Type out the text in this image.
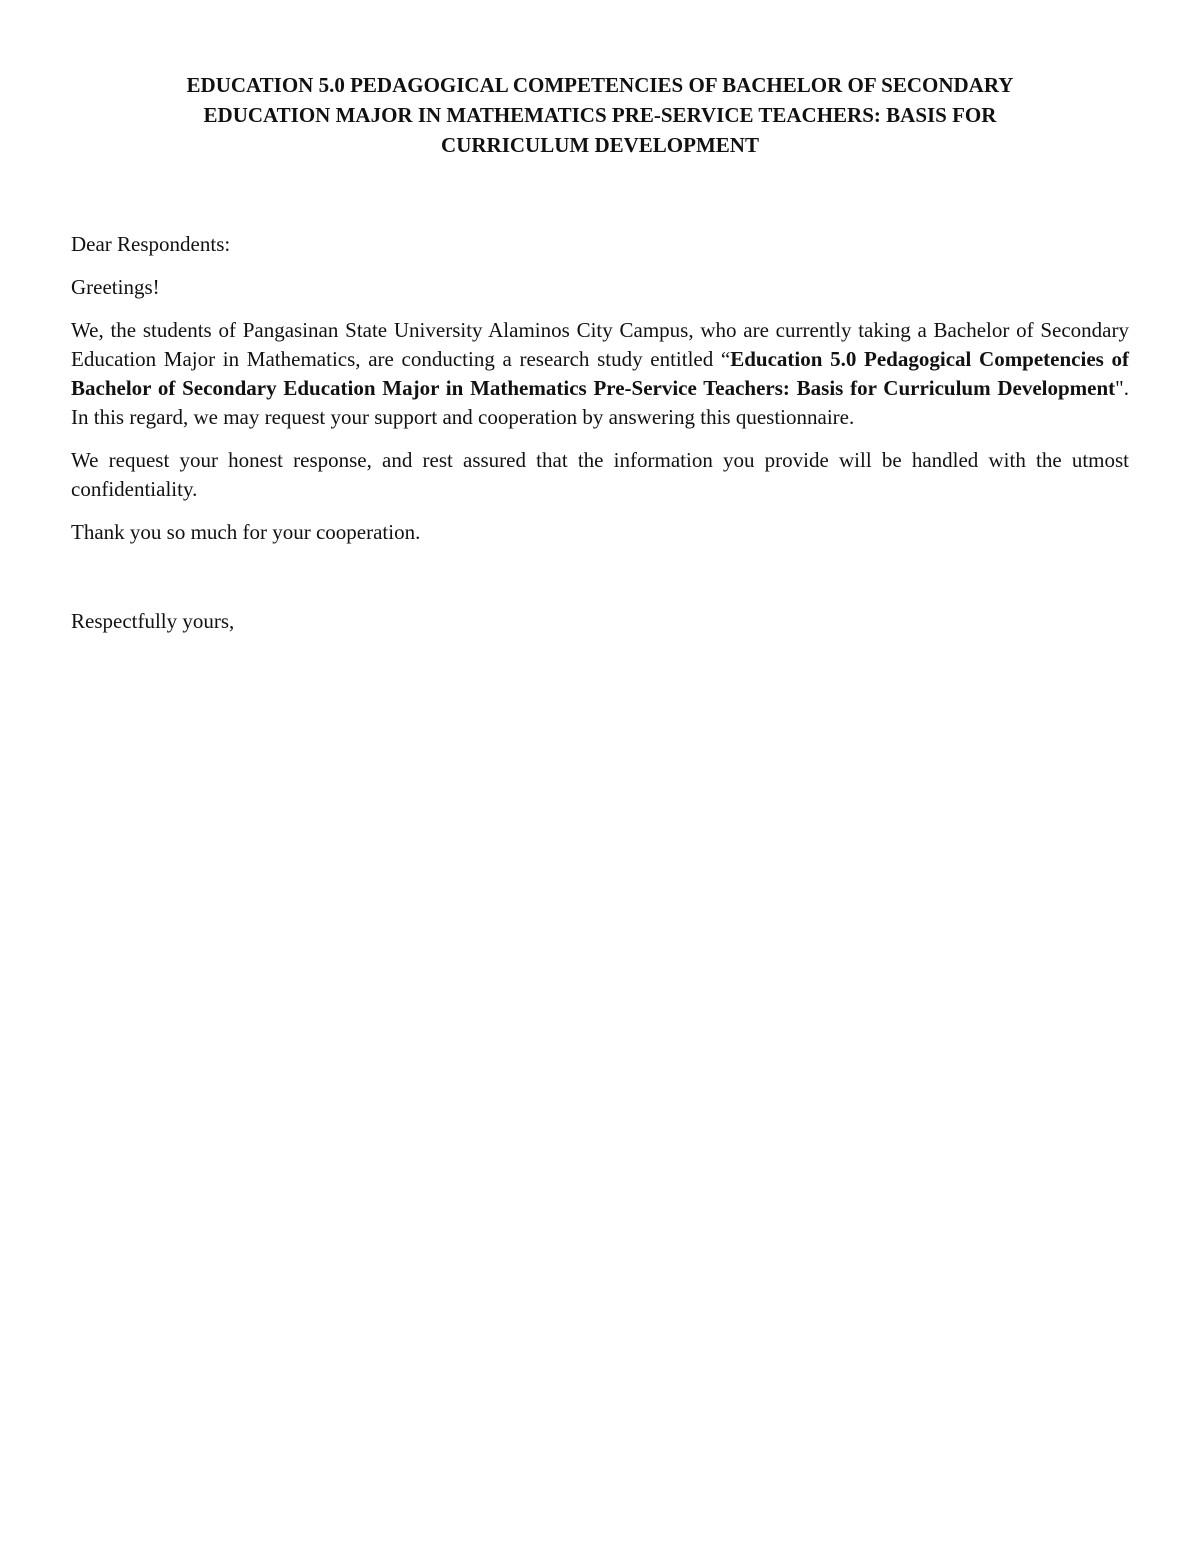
EDUCATION 5.0 PEDAGOGICAL COMPETENCIES OF BACHELOR OF SECONDARY
EDUCATION MAJOR IN MATHEMATICS PRE-SERVICE TEACHERS: BASIS FOR
CURRICULUM DEVELOPMENT

Dear Respondents:

Greetings!

We, the students of Pangasinan State University Alaminos City Campus, who are currently taking a Bachelor of Secondary Education Major in Mathematics, are conducting a research study entitled “Education 5.0 Pedagogical Competencies of Bachelor of Secondary Education Major in Mathematics Pre-Service Teachers: Basis for Curriculum Development". In this regard, we may request your support and cooperation by answering this questionnaire.

We request your honest response, and rest assured that the information you provide will be handled with the utmost confidentiality.

Thank you so much for your cooperation.

Respectfully yours,
